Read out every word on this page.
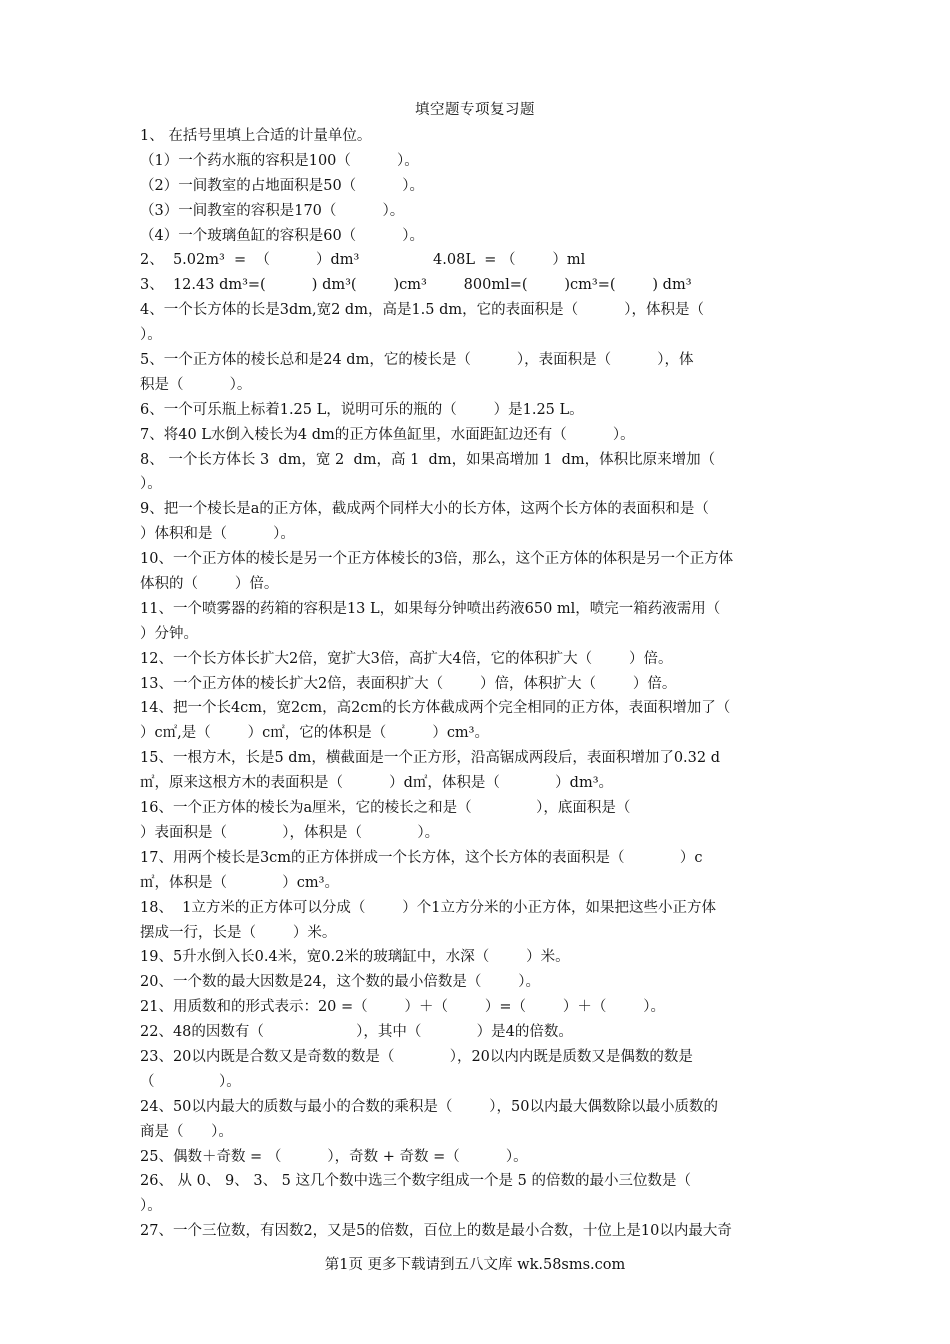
填空题专项复习题
1、 在括号里填上合适的计量单位。
（1）一个药水瓶的容积是100（          ）。
（2）一间教室的占地面积是50（          ）。
（3）一间教室的容积是170（          ）。
（4）一个玻璃鱼缸的容积是60（          ）。
2、  5.02m³  =  （          ）dm³                4.08L  = （        ）ml
3、  12.43 dm³=(          ) dm³(        )cm³        800ml=(        )cm³=(        ) dm³
4、一个长方体的长是3dm,宽2 dm，高是1.5 dm，它的表面积是（          ），体积是（
）。
5、一个正方体的棱长总和是24 dm，它的棱长是（          ），表面积是（          ），体
积是（          ）。
6、一个可乐瓶上标着1.25 L，说明可乐的瓶的（        ）是1.25 L。
7、将40 L水倒入棱长为4 dm的正方体鱼缸里，水面距缸边还有（          ）。
8、 一个长方体长 3  dm，宽 2  dm，高 1  dm，如果高增加 1  dm，体积比原来增加（
）。
9、把一个棱长是a的正方体，截成两个同样大小的长方体，这两个长方体的表面积和是（
）体积和是（          ）。
10、一个正方体的棱长是另一个正方体棱长的3倍，那么，这个正方体的体积是另一个正方体
体积的（        ）倍。
11、一个喷雾器的药箱的容积是13 L，如果每分钟喷出药液650 ml，喷完一箱药液需用（
）分钟。
12、一个长方体长扩大2倍，宽扩大3倍，高扩大4倍，它的体积扩大（        ）倍。
13、一个正方体的棱长扩大2倍，表面积扩大（        ）倍，体积扩大（        ）倍。
14、把一个长4cm，宽2cm，高2cm的长方体截成两个完全相同的正方体，表面积增加了（
）c㎡,是（        ）c㎡，它的体积是（          ）cm³。
15、一根方木，长是5 dm，横截面是一个正方形，沿高锯成两段后，表面积增加了0.32 d
㎡，原来这根方木的表面积是（          ）d㎡，体积是（            ）dm³。
16、一个正方体的棱长为a厘米，它的棱长之和是（              ），底面积是（
）表面积是（            ），体积是（            ）。
17、用两个棱长是3cm的正方体拼成一个长方体，这个长方体的表面积是（            ）c
㎡，体积是（            ）cm³。
18、  1立方米的正方体可以分成（        ）个1立方分米的小正方体，如果把这些小正方体
摆成一行，长是（        ）米。
19、5升水倒入长0.4米，宽0.2米的玻璃缸中，水深（        ）米。
20、一个数的最大因数是24，这个数的最小倍数是（        ）。
21、用质数和的形式表示：20 =（        ）＋（        ）=（        ）＋（        ）。
22、48的因数有（                    ），其中（            ）是4的倍数。
23、20以内既是合数又是奇数的数是（            ），20以内内既是质数又是偶数的数是
（              ）。
24、50以内最大的质数与最小的合数的乘积是（        ），50以内最大偶数除以最小质数的
商是（      ）。
25、偶数＋奇数 = （          ），奇数 + 奇数 =（          ）。
26、 从 0、 9、 3、 5 这几个数中选三个数字组成一个是 5 的倍数的最小三位数是（
）。
27、一个三位数，有因数2，又是5的倍数，百位上的数是最小合数，十位上是10以内最大奇
第1页 更多下载请到五八文库 wk.58sms.com
